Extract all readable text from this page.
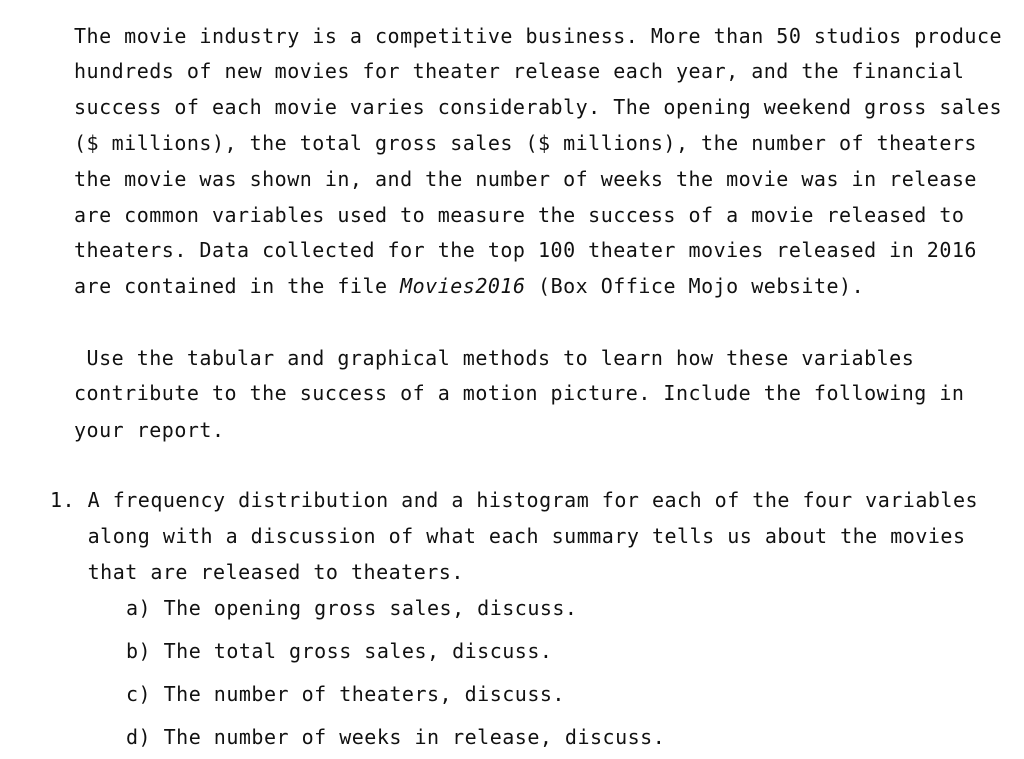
The movie industry is a competitive business. More than 50 studios produce
hundreds of new movies for theater release each year, and the financial
success of each movie varies considerably. The opening weekend gross sales
($ millions), the total gross sales ($ millions), the number of theaters
the movie was shown in, and the number of weeks the movie was in release
are common variables used to measure the success of a movie released to
theaters. Data collected for the top 100 theater movies released in 2016
are contained in the file Movies2016 (Box Office Mojo website).
Use the tabular and graphical methods to learn how these variables
contribute to the success of a motion picture. Include the following in
your report.
1. A frequency distribution and a histogram for each of the four variables
along with a discussion of what each summary tells us about the movies
that are released to theaters.
a) The opening gross sales, discuss.
b) The total gross sales, discuss.
c) The number of theaters, discuss.
d) The number of weeks in release, discuss.
